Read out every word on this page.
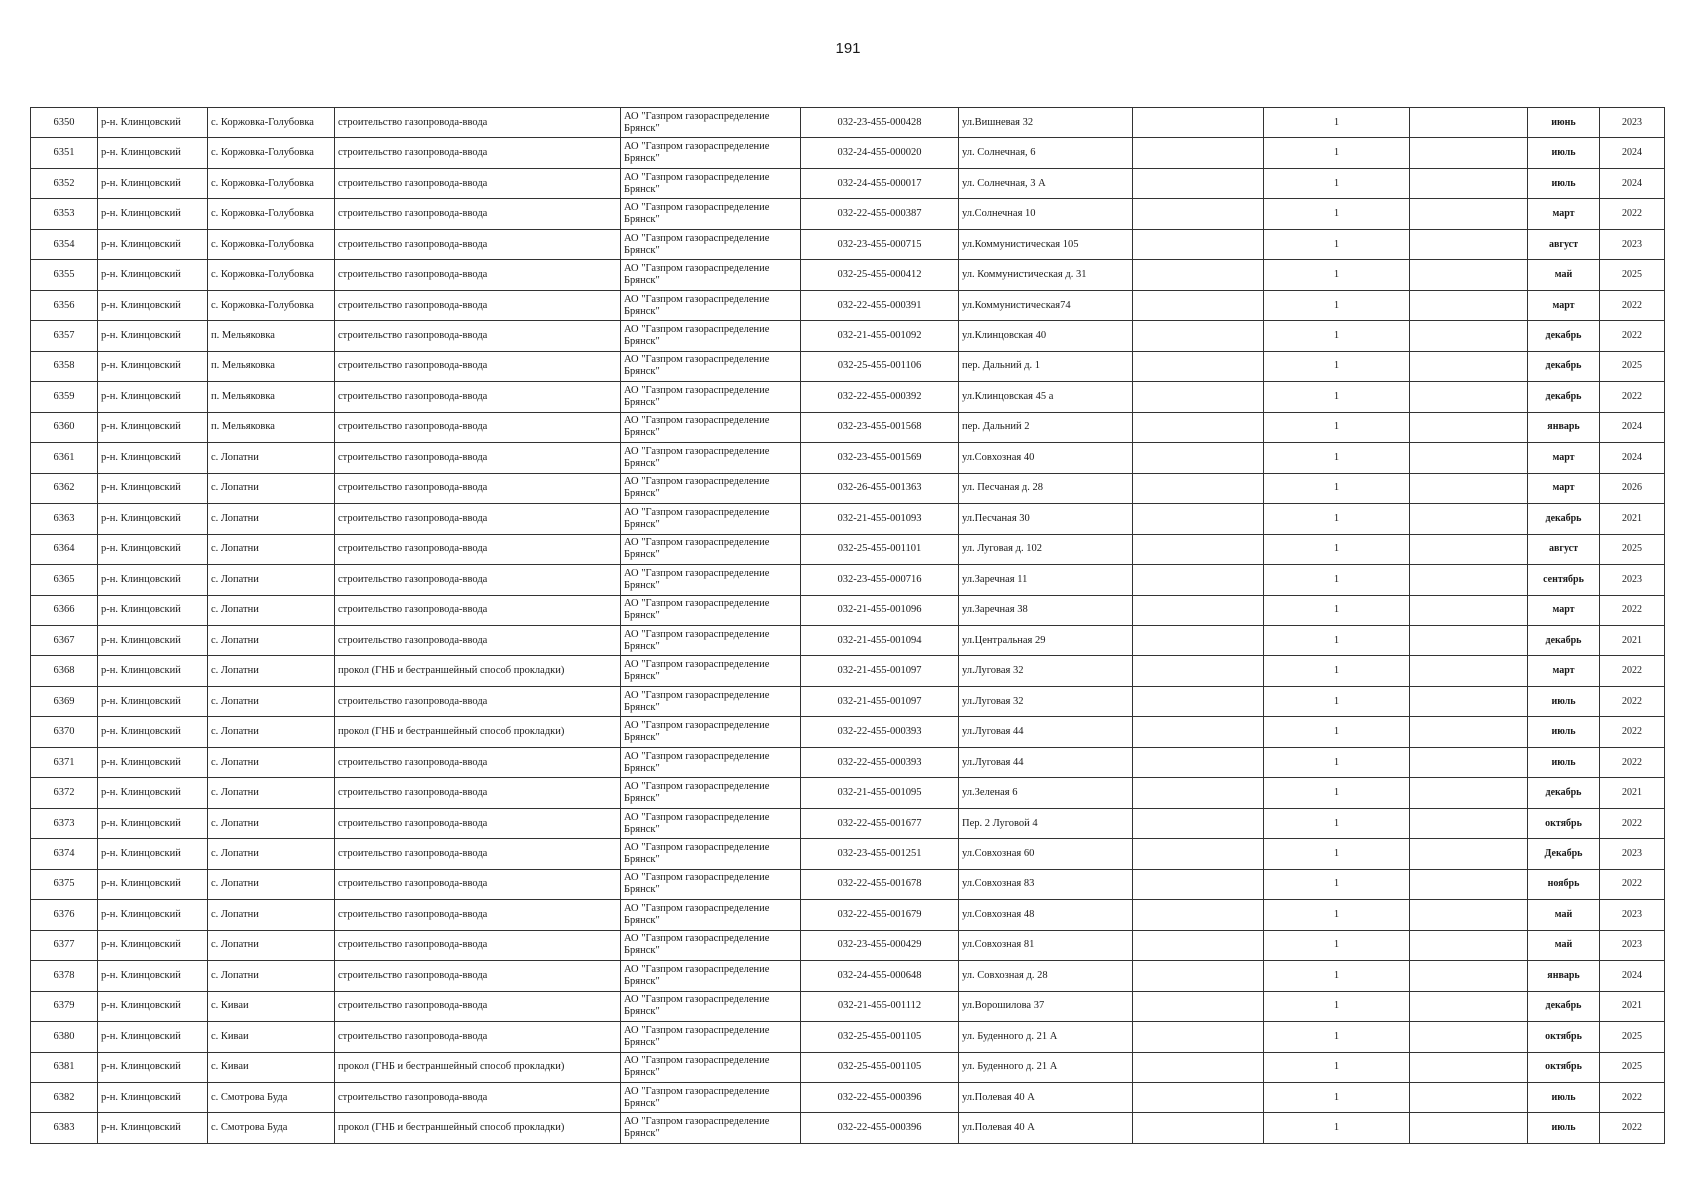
191
6350	р-н. Клинцовский	с. Коржовка-Голубовка	строительство газопровода-ввода	АО "Газпром газораспределение Брянск"	032-23-455-000428	ул.Вишневая 32		1		июнь	2023
6351	р-н. Клинцовский	с. Коржовка-Голубовка	строительство газопровода-ввода	АО "Газпром газораспределение Брянск"	032-24-455-000020	ул. Солнечная, 6		1		июль	2024
6352	р-н. Клинцовский	с. Коржовка-Голубовка	строительство газопровода-ввода	АО "Газпром газораспределение Брянск"	032-24-455-000017	ул. Солнечная, 3 А		1		июль	2024
6353	р-н. Клинцовский	с. Коржовка-Голубовка	строительство газопровода-ввода	АО "Газпром газораспределение Брянск"	032-22-455-000387	ул.Солнечная 10		1		март	2022
6354	р-н. Клинцовский	с. Коржовка-Голубовка	строительство газопровода-ввода	АО "Газпром газораспределение Брянск"	032-23-455-000715	ул.Коммунистическая 105		1		август	2023
6355	р-н. Клинцовский	с. Коржовка-Голубовка	строительство газопровода-ввода	АО "Газпром газораспределение Брянск"	032-25-455-000412	ул. Коммунистическая д. 31		1		май	2025
6356	р-н. Клинцовский	с. Коржовка-Голубовка	строительство газопровода-ввода	АО "Газпром газораспределение Брянск"	032-22-455-000391	ул.Коммунистическая74		1		март	2022
6357	р-н. Клинцовский	п. Мельяковка	строительство газопровода-ввода	АО "Газпром газораспределение Брянск"	032-21-455-001092	ул.Клинцовская 40		1		декабрь	2022
6358	р-н. Клинцовский	п. Мельяковка	строительство газопровода-ввода	АО "Газпром газораспределение Брянск"	032-25-455-001106	пер. Дальний д. 1		1		декабрь	2025
6359	р-н. Клинцовский	п. Мельяковка	строительство газопровода-ввода	АО "Газпром газораспределение Брянск"	032-22-455-000392	ул.Клинцовская 45 а		1		декабрь	2022
6360	р-н. Клинцовский	п. Мельяковка	строительство газопровода-ввода	АО "Газпром газораспределение Брянск"	032-23-455-001568	пер. Дальний 2		1		январь	2024
6361	р-н. Клинцовский	с. Лопатни	строительство газопровода-ввода	АО "Газпром газораспределение Брянск"	032-23-455-001569	ул.Совхозная 40		1		март	2024
6362	р-н. Клинцовский	с. Лопатни	строительство газопровода-ввода	АО "Газпром газораспределение Брянск"	032-26-455-001363	ул. Песчаная д. 28		1		март	2026
6363	р-н. Клинцовский	с. Лопатни	строительство газопровода-ввода	АО "Газпром газораспределение Брянск"	032-21-455-001093	ул.Песчаная 30		1		декабрь	2021
6364	р-н. Клинцовский	с. Лопатни	строительство газопровода-ввода	АО "Газпром газораспределение Брянск"	032-25-455-001101	ул. Луговая д. 102		1		август	2025
6365	р-н. Клинцовский	с. Лопатни	строительство газопровода-ввода	АО "Газпром газораспределение Брянск"	032-23-455-000716	ул.Заречная 11		1		сентябрь	2023
6366	р-н. Клинцовский	с. Лопатни	строительство газопровода-ввода	АО "Газпром газораспределение Брянск"	032-21-455-001096	ул.Заречная 38		1		март	2022
6367	р-н. Клинцовский	с. Лопатни	строительство газопровода-ввода	АО "Газпром газораспределение Брянск"	032-21-455-001094	ул.Центральная 29		1		декабрь	2021
6368	р-н. Клинцовский	с. Лопатни	прокол (ГНБ и бестраншейный способ прокладки)	АО "Газпром газораспределение Брянск"	032-21-455-001097	ул.Луговая 32		1		март	2022
6369	р-н. Клинцовский	с. Лопатни	строительство газопровода-ввода	АО "Газпром газораспределение Брянск"	032-21-455-001097	ул.Луговая 32		1		июль	2022
6370	р-н. Клинцовский	с. Лопатни	прокол (ГНБ и бестраншейный способ прокладки)	АО "Газпром газораспределение Брянск"	032-22-455-000393	ул.Луговая 44		1		июль	2022
6371	р-н. Клинцовский	с. Лопатни	строительство газопровода-ввода	АО "Газпром газораспределение Брянск"	032-22-455-000393	ул.Луговая 44		1		июль	2022
6372	р-н. Клинцовский	с. Лопатни	строительство газопровода-ввода	АО "Газпром газораспределение Брянск"	032-21-455-001095	ул.Зеленая 6		1		декабрь	2021
6373	р-н. Клинцовский	с. Лопатни	строительство газопровода-ввода	АО "Газпром газораспределение Брянск"	032-22-455-001677	Пер. 2 Луговой 4		1		октябрь	2022
6374	р-н. Клинцовский	с. Лопатни	строительство газопровода-ввода	АО "Газпром газораспределение Брянск"	032-23-455-001251	ул.Совхозная 60		1		Декабрь	2023
6375	р-н. Клинцовский	с. Лопатни	строительство газопровода-ввода	АО "Газпром газораспределение Брянск"	032-22-455-001678	ул.Совхозная 83		1		ноябрь	2022
6376	р-н. Клинцовский	с. Лопатни	строительство газопровода-ввода	АО "Газпром газораспределение Брянск"	032-22-455-001679	ул.Совхозная 48		1		май	2023
6377	р-н. Клинцовский	с. Лопатни	строительство газопровода-ввода	АО "Газпром газораспределение Брянск"	032-23-455-000429	ул.Совхозная 81		1		май	2023
6378	р-н. Клинцовский	с. Лопатни	строительство газопровода-ввода	АО "Газпром газораспределение Брянск"	032-24-455-000648	ул. Совхозная д. 28		1		январь	2024
6379	р-н. Клинцовский	с. Киваи	строительство газопровода-ввода	АО "Газпром газораспределение Брянск"	032-21-455-001112	ул.Ворошилова 37		1		декабрь	2021
6380	р-н. Клинцовский	с. Киваи	строительство газопровода-ввода	АО "Газпром газораспределение Брянск"	032-25-455-001105	ул. Буденного д. 21 А		1		октябрь	2025
6381	р-н. Клинцовский	с. Киваи	прокол (ГНБ и бестраншейный способ прокладки)	АО "Газпром газораспределение Брянск"	032-25-455-001105	ул. Буденного д. 21 А		1		октябрь	2025
6382	р-н. Клинцовский	с. Смотрова Буда	строительство газопровода-ввода	АО "Газпром газораспределение Брянск"	032-22-455-000396	ул.Полевая 40 А		1		июль	2022
6383	р-н. Клинцовский	с. Смотрова Буда	прокол (ГНБ и бестраншейный способ прокладки)	АО "Газпром газораспределение Брянск"	032-22-455-000396	ул.Полевая 40 А		1		июль	2022
